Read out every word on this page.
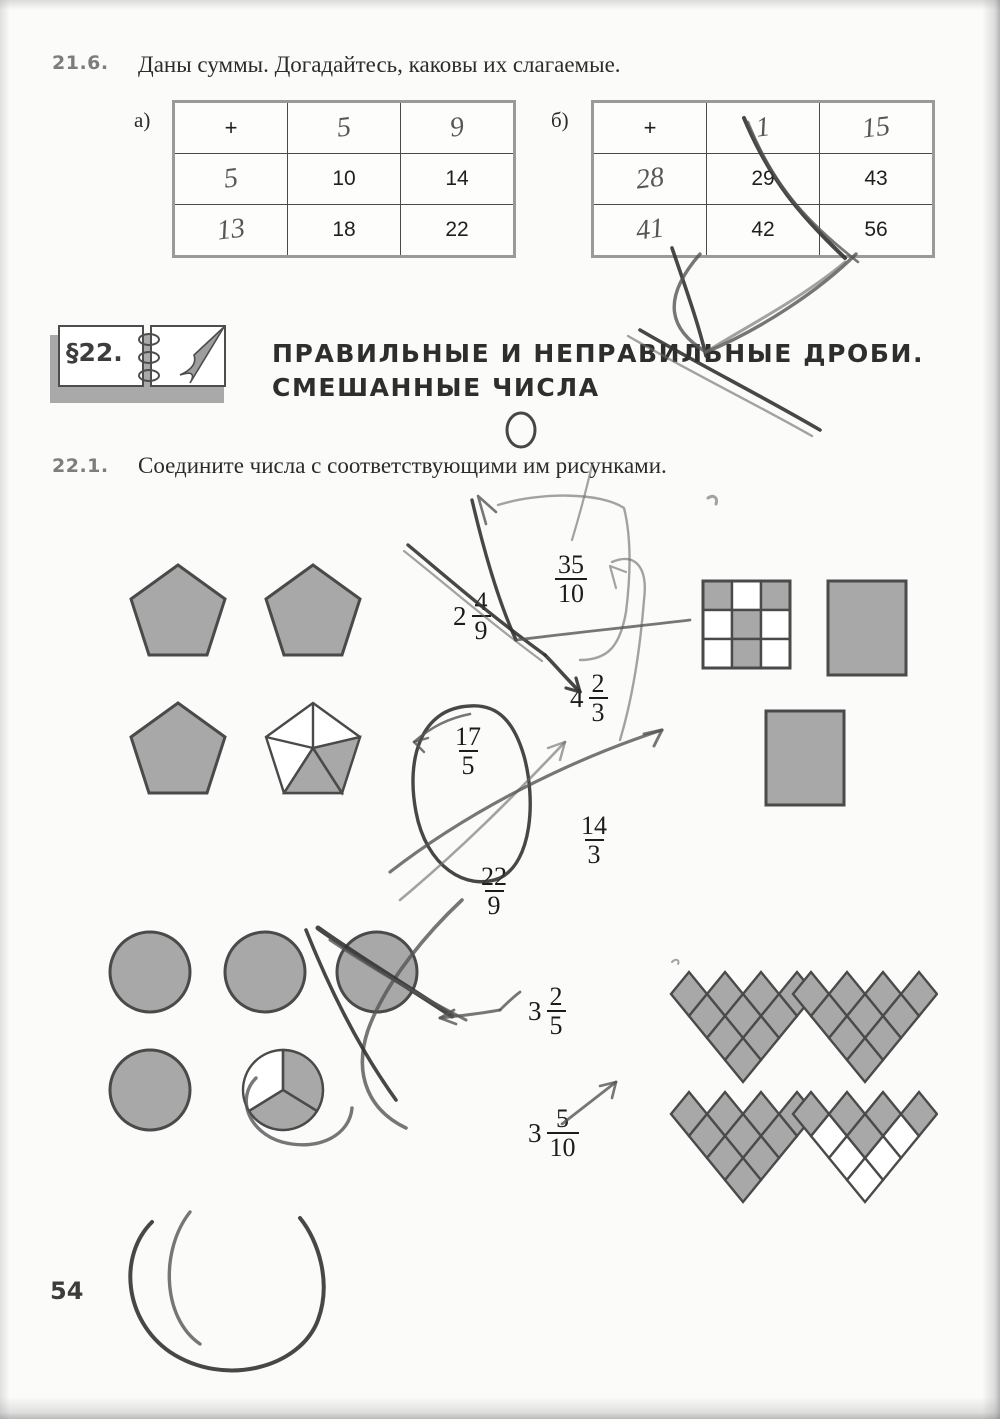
21.6. Даны суммы. Догадайтесь, каковы их слагаемые.
а)	+	5	9
5	10	14
13	18	22
б)	+	1	15
28	29	43
41	42	56
§22.	ПРАВИЛЬНЫЕ И НЕПРАВИЛЬНЫЕ ДРОБИ.
СМЕШАННЫЕ ЧИСЛА
22.1. Соедините числа с соответствующими им рисунками.
$2 \frac{4}{9}$
$\frac{35}{10}$
$4 \frac{2}{3}$
$\frac{17}{5}$
$\frac{14}{3}$
$\frac{22}{9}$
$3 \frac{2}{5}$
$3 \frac{5}{10}$
54
